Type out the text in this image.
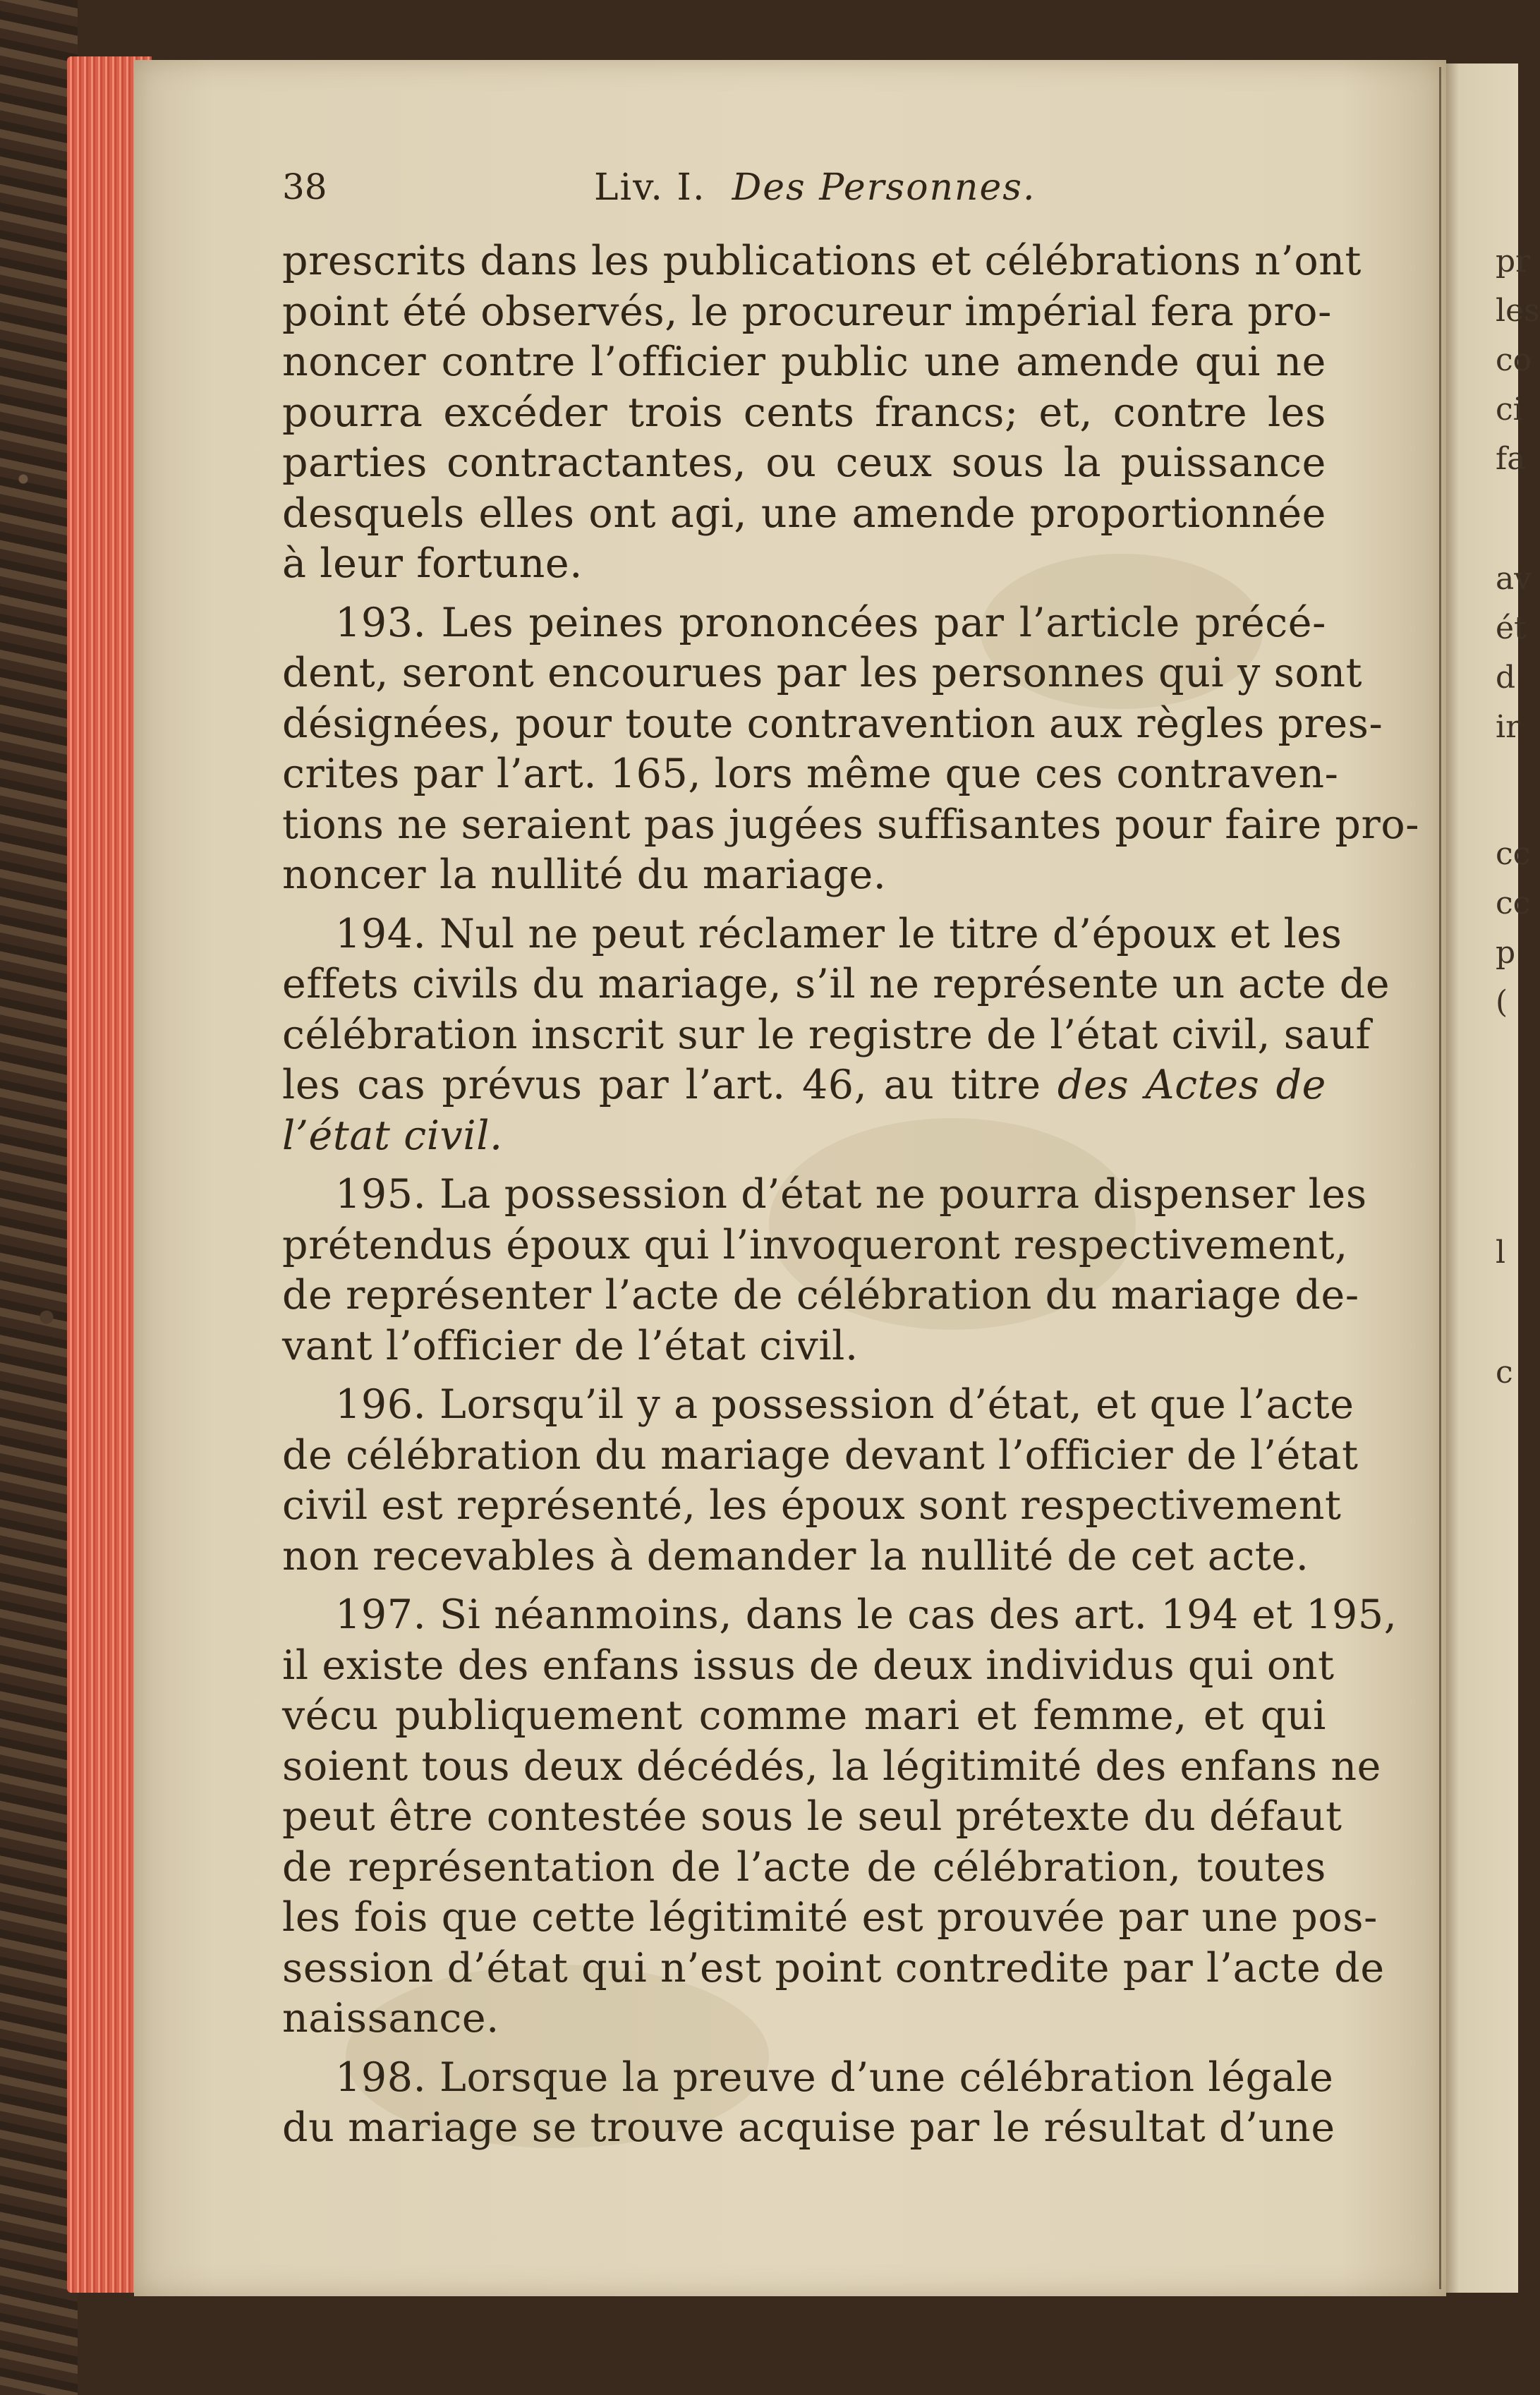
pr
les
co
ci
fa
av
ét
d
ir
cc
cc
p
(
l
c
38	Liv. I. Des Personnes.
prescrits dans les publications et célébrations n’ont
point été observés, le procureur impérial fera pro-
noncer contre l’officier public une amende qui ne
pourra excéder trois cents francs; et, contre les
parties contractantes, ou ceux sous la puissance
desquels elles ont agi, une amende proportionnée
à leur fortune.
193. Les peines prononcées par l’article précé-
dent, seront encourues par les personnes qui y sont
désignées, pour toute contravention aux règles pres-
crites par l’art. 165, lors même que ces contraven-
tions ne seraient pas jugées suffisantes pour faire pro-
noncer la nullité du mariage.
194. Nul ne peut réclamer le titre d’époux et les
effets civils du mariage, s’il ne représente un acte de
célébration inscrit sur le registre de l’état civil, sauf
les cas prévus par l’art. 46, au titre des Actes de
l’état civil.
195. La possession d’état ne pourra dispenser les
prétendus époux qui l’invoqueront respectivement,
de représenter l’acte de célébration du mariage de-
vant l’officier de l’état civil.
196. Lorsqu’il y a possession d’état, et que l’acte
de célébration du mariage devant l’officier de l’état
civil est représenté, les époux sont respectivement
non recevables à demander la nullité de cet acte.
197. Si néanmoins, dans le cas des art. 194 et 195,
il existe des enfans issus de deux individus qui ont
vécu publiquement comme mari et femme, et qui
soient tous deux décédés, la légitimité des enfans ne
peut être contestée sous le seul prétexte du défaut
de représentation de l’acte de célébration, toutes
les fois que cette légitimité est prouvée par une pos-
session d’état qui n’est point contredite par l’acte de
naissance.
198. Lorsque la preuve d’une célébration légale
du mariage se trouve acquise par le résultat d’une
